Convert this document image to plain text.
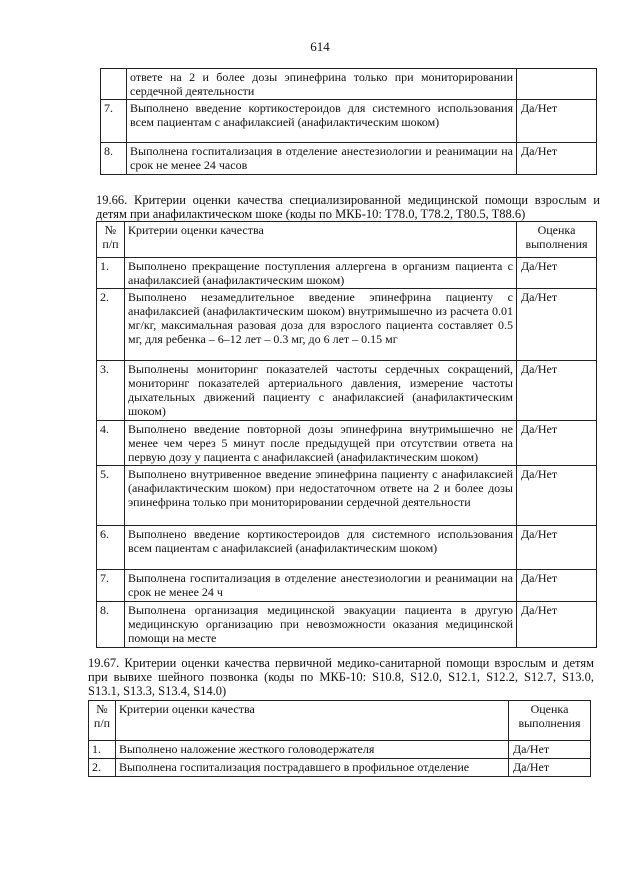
614
	ответе на 2 и более дозы эпинефрина только при мониторировании сердечной деятельности	
7.	Выполнено введение кортикостероидов для системного использования всем пациентам с анафилаксией (анафилактическим шоком)	Да/Нет
8.	Выполнена госпитализация в отделение анестезиологии и реанимации на срок не менее 24 часов	Да/Нет
19.66. Критерии оценки качества специализированной медицинской помощи взрослым и детям при анафилактическом шоке (коды по МКБ-10: T78.0, T78.2, T80.5, T88.6)
№ п/п	Критерии оценки качества	Оценка выполнения
1.	Выполнено прекращение поступления аллергена в организм пациента с анафилаксией (анафилактическим шоком)	Да/Нет
2.	Выполнено незамедлительное введение эпинефрина пациенту с анафилаксией (анафилактическим шоком) внутримышечно из расчета 0.01 мг/кг, максимальная разовая доза для взрослого пациента составляет 0.5 мг, для ребенка – 6–12 лет – 0.3 мг, до 6 лет – 0.15 мг	Да/Нет
3.	Выполнены мониторинг показателей частоты сердечных сокращений, мониторинг показателей артериального давления, измерение частоты дыхательных движений пациенту с анафилаксией (анафилактическим шоком)	Да/Нет
4.	Выполнено введение повторной дозы эпинефрина внутримышечно не менее чем через 5 минут после предыдущей при отсутствии ответа на первую дозу у пациента с анафилаксией (анафилактическим шоком)	Да/Нет
5.	Выполнено внутривенное введение эпинефрина пациенту с анафилаксией (анафилактическим шоком) при недостаточном ответе на 2 и более дозы эпинефрина только при мониторировании сердечной деятельности	Да/Нет
6.	Выполнено введение кортикостероидов для системного использования всем пациентам с анафилаксией (анафилактическим шоком)	Да/Нет
7.	Выполнена госпитализация в отделение анестезиологии и реанимации на срок не менее 24 ч	Да/Нет
8.	Выполнена организация медицинской эвакуации пациента в другую медицинскую организацию при невозможности оказания медицинской помощи на месте	Да/Нет
19.67. Критерии оценки качества первичной медико-санитарной помощи взрослым и детям при вывихе шейного позвонка (коды по МКБ-10: S10.8, S12.0, S12.1, S12.2, S12.7, S13.0, S13.1, S13.3, S13.4, S14.0)
№ п/п	Критерии оценки качества	Оценка выполнения
1.	Выполнено наложение жесткого головодержателя	Да/Нет
2.	Выполнена госпитализация пострадавшего в профильное отделение	Да/Нет
